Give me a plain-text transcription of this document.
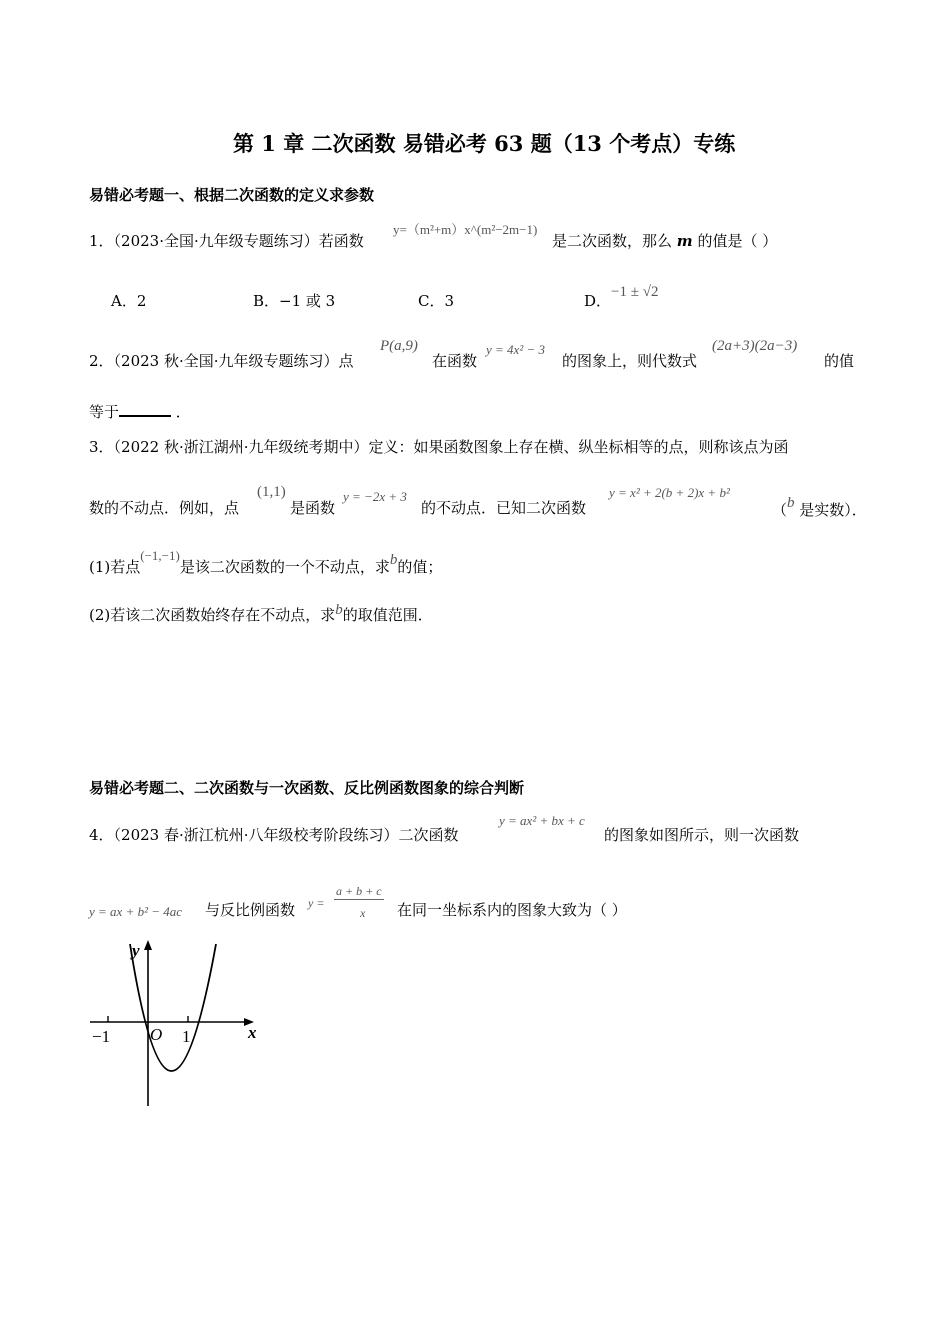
第 1 章 二次函数 易错必考 63 题（13 个考点）专练
易错必考题一、根据二次函数的定义求参数
1．（2023·全国·九年级专题练习）若函数
y=（m²+m）x^(m²−2m−1)
是二次函数，那么 m 的值是（ ）
A．2	B．−1 或 3	C．3	D．−1 ± √2
2．（2023 秋·全国·九年级专题练习）点
P(a,9)
在函数
y = 4x² − 3
的图象上，则代数式
(2a+3)(2a−3)
的值
等于	．
3．（2022 秋·浙江湖州·九年级统考期中）定义：如果函数图象上存在横、纵坐标相等的点，则称该点为函
数的不动点．例如，点
(1,1)
是函数
y = −2x + 3
的不动点．已知二次函数
y = x² + 2(b + 2)x + b²
（b 是实数）．
(1)若点(−1,−1)是该二次函数的一个不动点，求b的值；
(2)若该二次函数始终存在不动点，求b的取值范围．
易错必考题二、二次函数与一次函数、反比例函数图象的综合判断
4．（2023 春·浙江杭州·八年级校考阶段练习）二次函数
y = ax² + bx + c
的图象如图所示，则一次函数
y = ax + b² − 4ac 与反比例函数 y =
a + b + c
x 在同一坐标系内的图象大致为（ ）
y
x
O
−1	1
